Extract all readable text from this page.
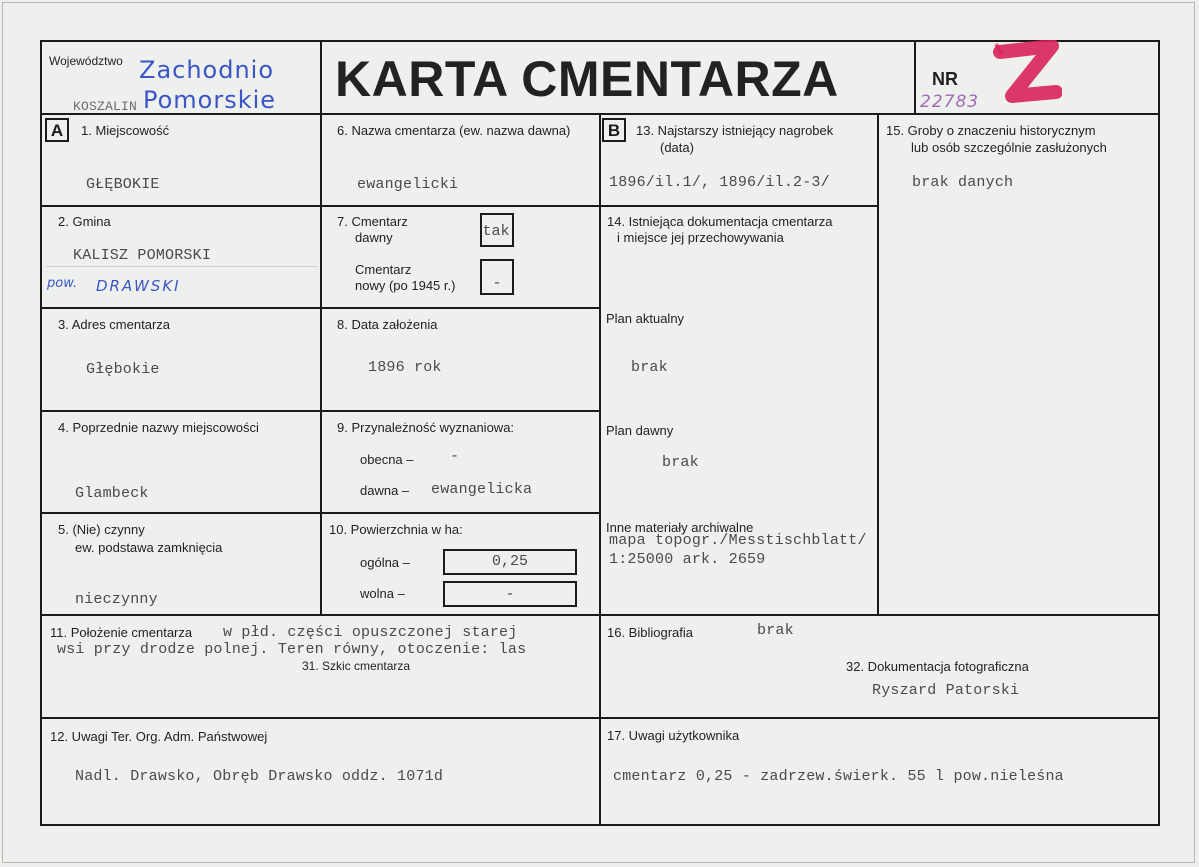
Województwo Zachodnio
Pomorskie
KOSZALIN	KARTA CMENTARZA	NR
22783
A	1. Miejscowość
GŁĘBOKIE
6. Nazwa cmentarza (ew. nazwa dawna)
ewangelicki
B	13. Najstarszy istniejący nagrobek
(data)
1896/il.1/, 1896/il.2-3/
15. Groby o znaczeniu historycznym
lub osób szczególnie zasłużonych
brak danych
2. Gmina
KALISZ POMORSKI
pow. DRAWSKI
7. Cmentarz
dawny	tak
Cmentarz
nowy (po 1945 r.)	-
14. Istniejąca dokumentacja cmentarza
i miejsce jej przechowywania
Plan aktualny
brak
3. Adres cmentarza
Głębokie
8. Data założenia
1896 rok
4. Poprzednie nazwy miejscowości
Glambeck
9. Przynależność wyznaniowa:
obecna – -
dawna – ewangelicka
Plan dawny
brak
5. (Nie) czynny
ew. podstawa zamknięcia
nieczynny
10. Powierzchnia w ha:
ogólna –	0,25
wolna –	-
Inne materiały archiwalne
mapa topogr./Messtischblatt/
1:25000 ark. 2659
11. Położenie cmentarza w płd. części opuszczonej starej
wsi przy drodze polnej. Teren równy, otoczenie: las
31. Szkic cmentarza
16. Bibliografia	brak
32. Dokumentacja fotograficzna
Ryszard Patorski
12. Uwagi Ter. Org. Adm. Państwowej
Nadl. Drawsko, Obręb Drawsko oddz. 1071d
17. Uwagi użytkownika
cmentarz 0,25 - zadrzew.świerk. 55 l pow.nieleśna
